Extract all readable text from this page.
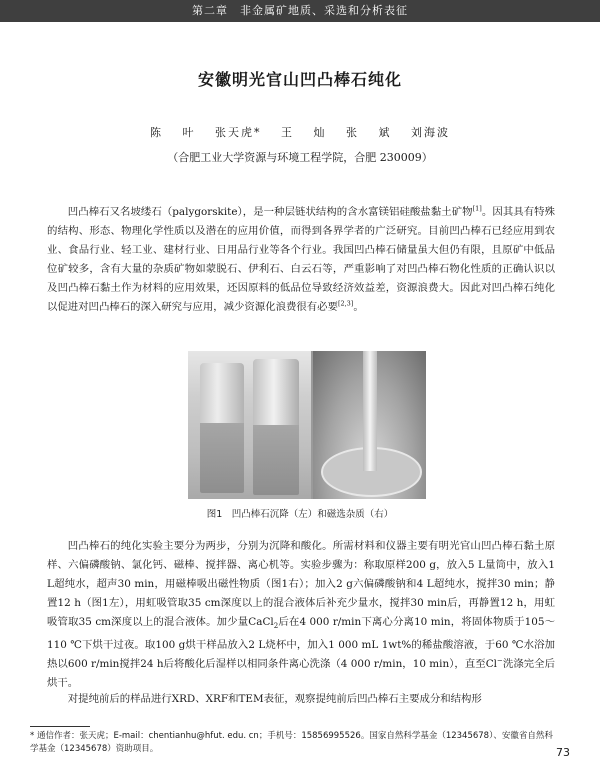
第二章　非金属矿地质、采选和分析表征
安徽明光官山凹凸棒石纯化
陈 叶 张天虎* 王 灿 张 斌 刘海波
（合肥工业大学资源与环境工程学院，合肥 230009）

凹凸棒石又名坡缕石（palygorskite），是一种层链状结构的含水富镁铝硅酸盐黏土矿物[1]。因其具有特殊的结构、形态、物理化学性质以及潜在的应用价值，而得到各界学者的广泛研究。目前凹凸棒石已经应用到农业、食品行业、轻工业、建材行业、日用品行业等各个行业。我国凹凸棒石储量虽大但仍有限，且原矿中低品位矿较多，含有大量的杂质矿物如蒙脱石、伊利石、白云石等，严重影响了对凹凸棒石物化性质的正确认识以及凹凸棒石黏土作为材料的应用效果，还因原料的低品位导致经济效益差，资源浪费大。因此对凹凸棒石纯化以促进对凹凸棒石的深入研究与应用，减少资源化浪费很有必要[2,3]。

图1　凹凸棒石沉降（左）和磁选杂质（右）

凹凸棒石的纯化实验主要分为两步，分别为沉降和酸化。所需材料和仪器主要有明光官山凹凸棒石黏土原样、六偏磷酸钠、氯化钙、磁棒、搅拌器、离心机等。实验步骤为：称取原样200 g，放入5 L量筒中，放入1 L超纯水，超声30 min，用磁棒吸出磁性物质（图1右）；加入2 g六偏磷酸钠和4 L超纯水，搅拌30 min；静置12 h（图1左），用虹吸管取35 cm深度以上的混合液体后补充少量水，搅拌30 min后，再静置12 h，用虹吸管取35 cm深度以上的混合液体。加少量CaCl$_2$后在4 000 r/min下离心分离10 min，将固体物质于105～110 ℃下烘干过夜。取100 g烘干样品放入2 L烧杯中，加入1 000 mL 1wt%的稀盐酸溶液，于60 ℃水浴加热以600 r/min搅拌24 h后将酸化后湿样以相同条件离心洗涤（4 000 r/min，10 min），直至Cl−洗涤完全后烘干。

对提纯前后的样品进行XRD、XRF和TEM表征，观察提纯前后凹凸棒石主要成分和结构形

* 通信作者：张天虎；E-mail：chentianhu@hfut. edu. cn；手机号：15856995526。国家自然科学基金（12345678）、安徽省自然科学基金（12345678）资助项目。	73
